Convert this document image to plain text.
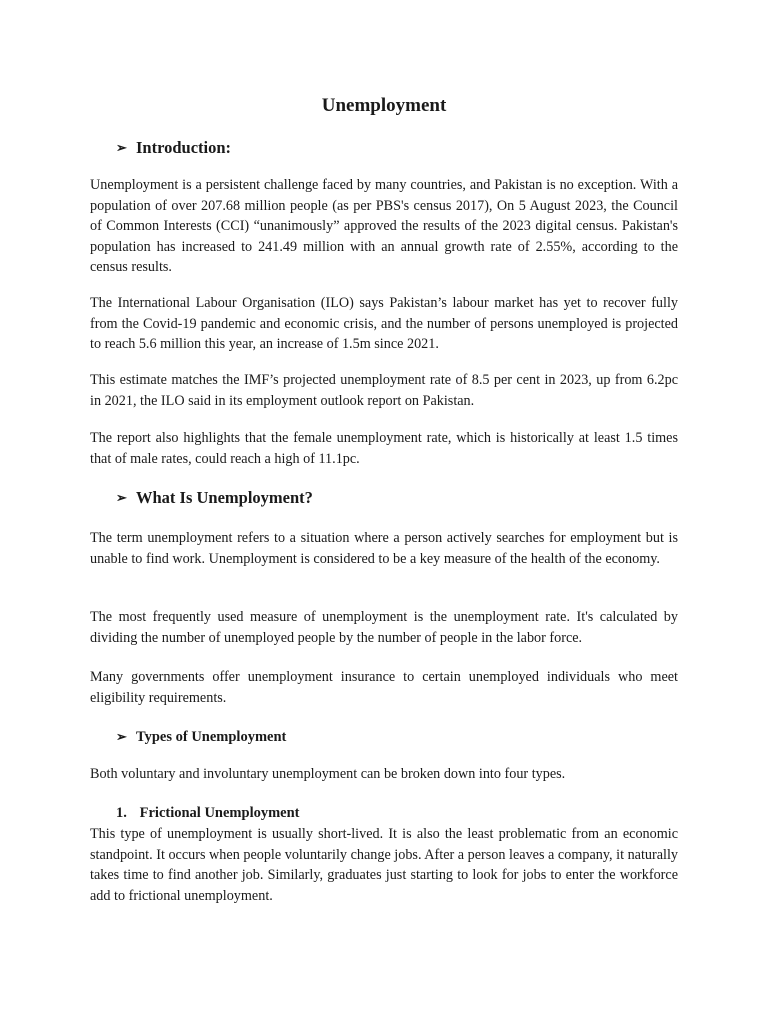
Unemployment
➢ Introduction:

Unemployment is a persistent challenge faced by many countries, and Pakistan is no exception. With a population of over 207.68 million people (as per PBS's census 2017), On 5 August 2023, the Council of Common Interests (CCI) “unanimously” approved the results of the 2023 digital census. Pakistan's population has increased to 241.49 million with an annual growth rate of 2.55%, according to the census results.

The International Labour Organisation (ILO) says Pakistan’s labour market has yet to recover fully from the Covid-19 pandemic and economic crisis, and the number of persons unemployed is projected to reach 5.6 million this year, an increase of 1.5m since 2021.

This estimate matches the IMF’s projected unemployment rate of 8.5 per cent in 2023, up from 6.2pc in 2021, the ILO said in its employment outlook report on Pakistan.

The report also highlights that the female unemployment rate, which is historically at least 1.5 times that of male rates, could reach a high of 11.1pc.

➢ What Is Unemployment?

The term unemployment refers to a situation where a person actively searches for employment but is unable to find work. Unemployment is considered to be a key measure of the health of the economy.

The most frequently used measure of unemployment is the unemployment rate. It's calculated by dividing the number of unemployed people by the number of people in the labor force.

Many governments offer unemployment insurance to certain unemployed individuals who meet eligibility requirements.

➢ Types of Unemployment

Both voluntary and involuntary unemployment can be broken down into four types.

1. Frictional Unemployment

This type of unemployment is usually short-lived. It is also the least problematic from an economic standpoint. It occurs when people voluntarily change jobs. After a person leaves a company, it naturally takes time to find another job. Similarly, graduates just starting to look for jobs to enter the workforce add to frictional unemployment.
